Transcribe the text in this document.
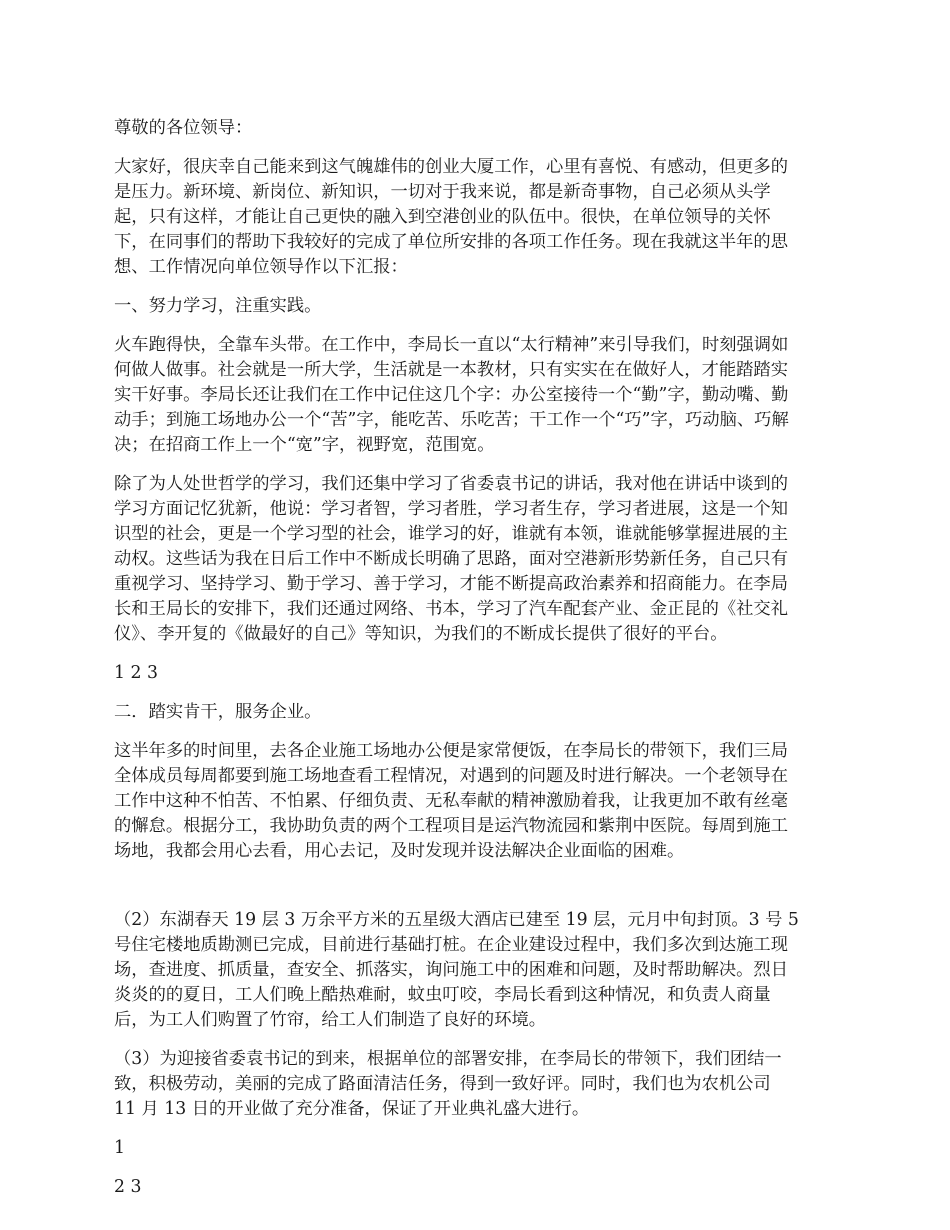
尊敬的各位领导：

大家好，很庆幸自己能来到这气魄雄伟的创业大厦工作，心里有喜悦、有感动，但更多的
是压力。新环境、新岗位、新知识，一切对于我来说，都是新奇事物，自己必须从头学
起，只有这样，才能让自己更快的融入到空港创业的队伍中。很快，在单位领导的关怀
下，在同事们的帮助下我较好的完成了单位所安排的各项工作任务。现在我就这半年的思
想、工作情况向单位领导作以下汇报：

一、努力学习，注重实践。

火车跑得快，全靠车头带。在工作中，李局长一直以“太行精神”来引导我们，时刻强调如
何做人做事。社会就是一所大学，生活就是一本教材，只有实实在在做好人，才能踏踏实
实干好事。李局长还让我们在工作中记住这几个字：办公室接待一个“勤”字，勤动嘴、勤
动手；到施工场地办公一个“苦”字，能吃苦、乐吃苦；干工作一个“巧”字，巧动脑、巧解
决；在招商工作上一个“宽”字，视野宽，范围宽。

除了为人处世哲学的学习，我们还集中学习了省委袁书记的讲话，我对他在讲话中谈到的
学习方面记忆犹新，他说：学习者智，学习者胜，学习者生存，学习者进展，这是一个知
识型的社会，更是一个学习型的社会，谁学习的好，谁就有本领，谁就能够掌握进展的主
动权。这些话为我在日后工作中不断成长明确了思路，面对空港新形势新任务，自己只有
重视学习、坚持学习、勤于学习、善于学习，才能不断提高政治素养和招商能力。在李局
长和王局长的安排下，我们还通过网络、书本，学习了汽车配套产业、金正昆的《社交礼
仪》、李开复的《做最好的自己》等知识，为我们的不断成长提供了很好的平台。

1 2 3

二．踏实肯干，服务企业。

这半年多的时间里，去各企业施工场地办公便是家常便饭，在李局长的带领下，我们三局
全体成员每周都要到施工场地查看工程情况，对遇到的问题及时进行解决。一个老领导在
工作中这种不怕苦、不怕累、仔细负责、无私奉献的精神激励着我，让我更加不敢有丝毫
的懈怠。根据分工，我协助负责的两个工程项目是运汽物流园和紫荆中医院。每周到施工
场地，我都会用心去看，用心去记，及时发现并设法解决企业面临的困难。

（2）东湖春天 19 层 3 万余平方米的五星级大酒店已建至 19 层，元月中旬封顶。3 号 5
号住宅楼地质勘测已完成，目前进行基础打桩。在企业建设过程中，我们多次到达施工现
场，查进度、抓质量，查安全、抓落实，询问施工中的困难和问题，及时帮助解决。烈日
炎炎的的夏日，工人们晚上酷热难耐，蚊虫叮咬，李局长看到这种情况，和负责人商量
后，为工人们购置了竹帘，给工人们制造了良好的环境。

（3）为迎接省委袁书记的到来，根据单位的部署安排，在李局长的带领下，我们团结一
致，积极劳动，美丽的完成了路面清洁任务，得到一致好评。同时，我们也为农机公司
11 月 13 日的开业做了充分准备，保证了开业典礼盛大进行。

1

2 3
